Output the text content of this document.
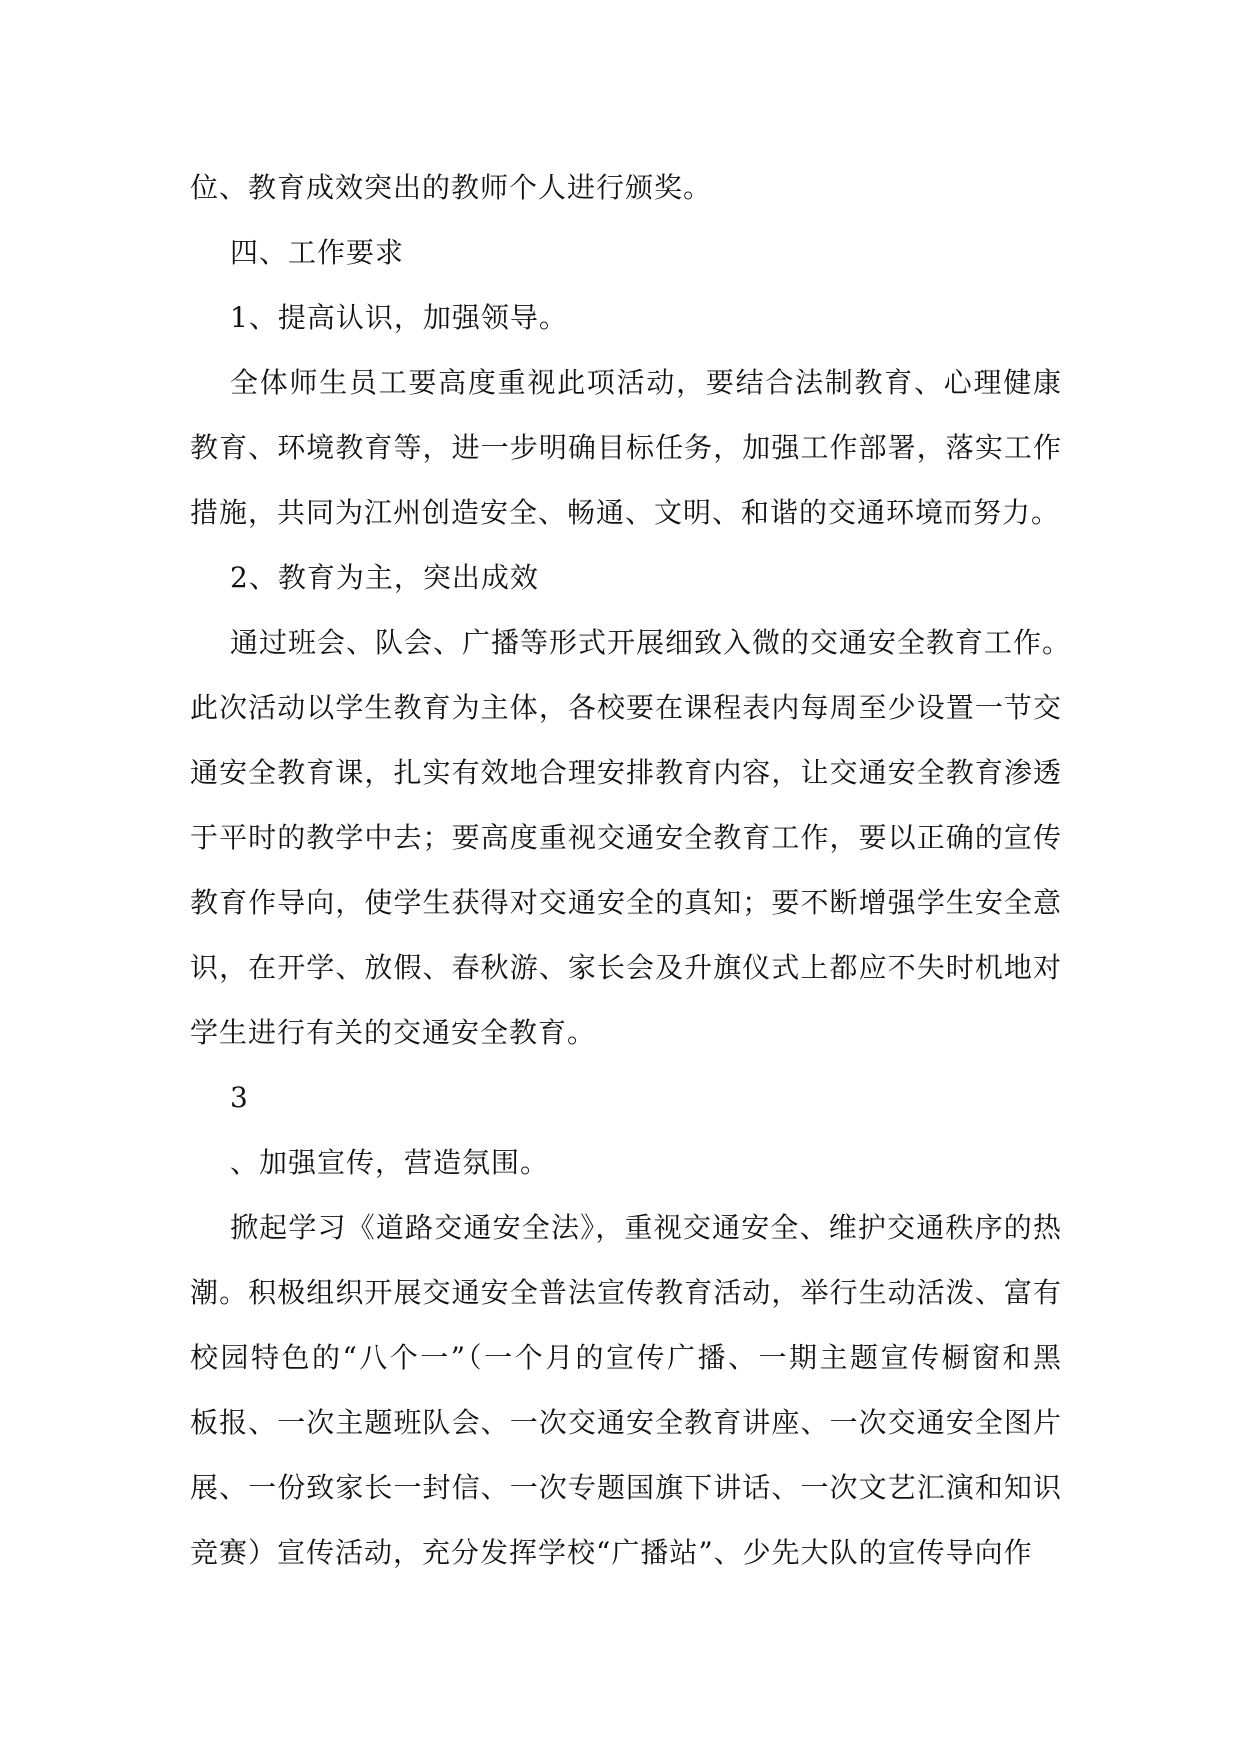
位、教育成效突出的教师个人进行颁奖。
四、工作要求
1、提高认识，加强领导。
全体师生员工要高度重视此项活动，要结合法制教育、心理健康
教育、环境教育等，进一步明确目标任务，加强工作部署，落实工作
措施，共同为江州创造安全、畅通、文明、和谐的交通环境而努力。
2、教育为主，突出成效
通过班会、队会、广播等形式开展细致入微的交通安全教育工作。
此次活动以学生教育为主体，各校要在课程表内每周至少设置一节交
通安全教育课，扎实有效地合理安排教育内容，让交通安全教育渗透
于平时的教学中去；要高度重视交通安全教育工作，要以正确的宣传
教育作导向，使学生获得对交通安全的真知；要不断增强学生安全意
识，在开学、放假、春秋游、家长会及升旗仪式上都应不失时机地对
学生进行有关的交通安全教育。
3
、加强宣传，营造氛围。
掀起学习《道路交通安全法》，重视交通安全、维护交通秩序的热
潮。积极组织开展交通安全普法宣传教育活动，举行生动活泼、富有
校园特色的“八个一”（一个月的宣传广播、一期主题宣传橱窗和黑
板报、一次主题班队会、一次交通安全教育讲座、一次交通安全图片
展、一份致家长一封信、一次专题国旗下讲话、一次文艺汇演和知识
竞赛）宣传活动，充分发挥学校“广播站”、少先大队的宣传导向作
